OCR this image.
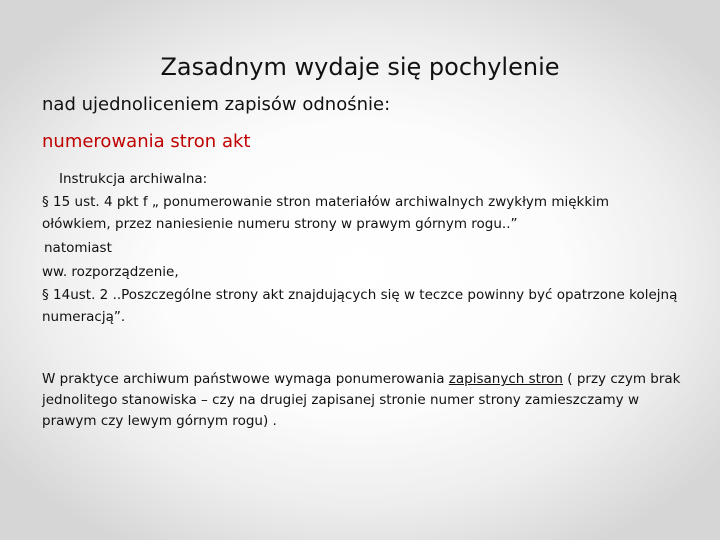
Zasadnym wydaje się pochylenie
nad ujednoliceniem zapisów odnośnie:
numerowania stron akt

Instrukcja archiwalna:

§ 15 ust. 4 pkt f „ ponumerowanie stron materiałów archiwalnych zwykłym miękkim ołówkiem, przez naniesienie numeru strony w prawym górnym rogu..”

natomiast

ww. rozporządzenie,

§ 14ust. 2 ..Poszczególne strony akt znajdujących się w teczce powinny być opatrzone kolejną numeracją”.

W praktyce archiwum państwowe wymaga ponumerowania zapisanych stron ( przy czym brak jednolitego stanowiska – czy na drugiej zapisanej stronie numer strony zamieszczamy w prawym czy lewym górnym rogu) .
